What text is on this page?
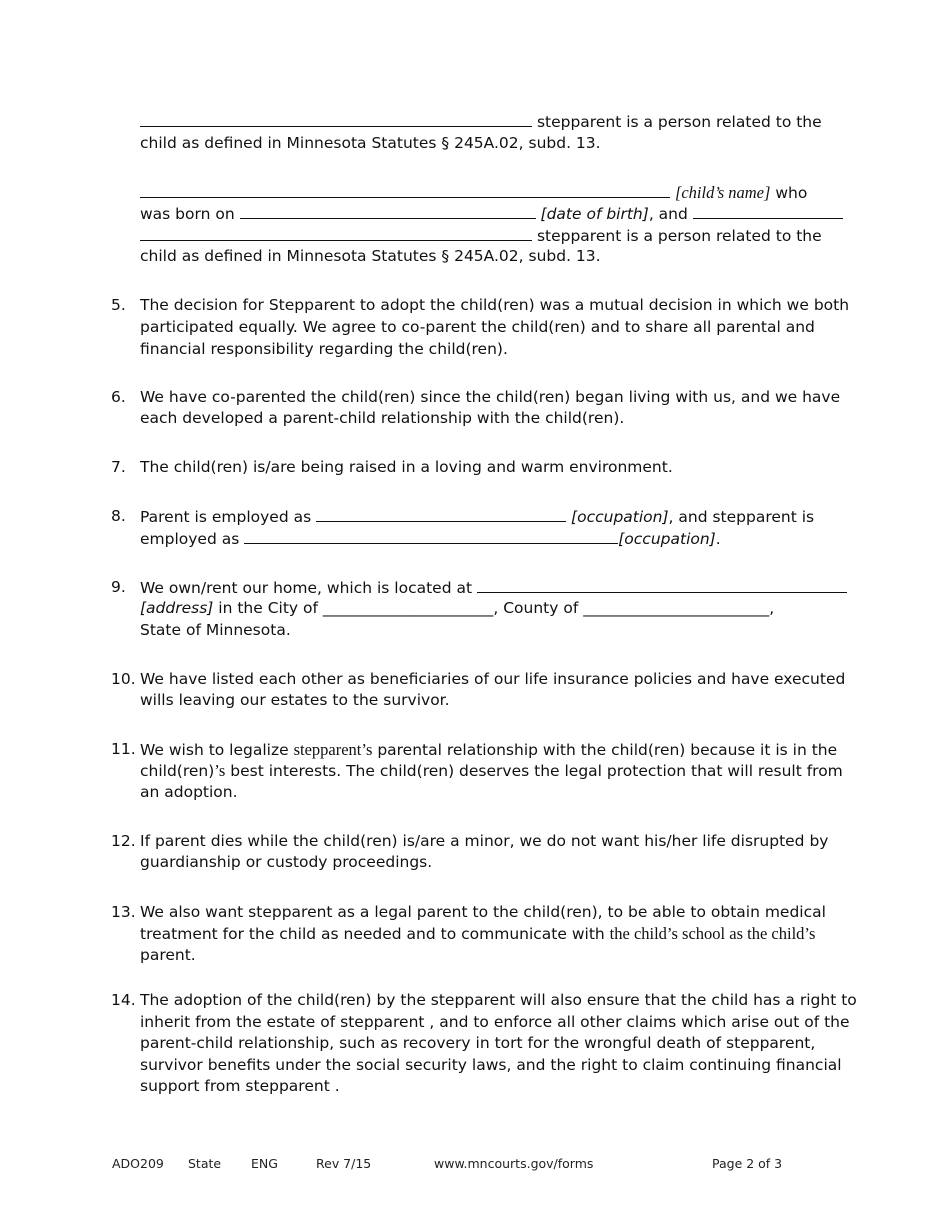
stepparent is a person related to the
child as defined in Minnesota Statutes § 245A.02, subd. 13.
[child’s name] who
was born on	[date of birth], and
stepparent is a person related to the
child as defined in Minnesota Statutes § 245A.02, subd. 13.
5. The decision for Stepparent to adopt the child(ren) was a mutual decision in which we both
participated equally. We agree to co-parent the child(ren) and to share all parental and
financial responsibility regarding the child(ren).
6. We have co-parented the child(ren) since the child(ren) began living with us, and we have
each developed a parent-child relationship with the child(ren).
7. The child(ren) is/are being raised in a loving and warm environment.
8. Parent is employed as	[occupation], and stepparent is
employed as	[occupation].
9. We own/rent our home, which is located at
[address] in the City of ______________________, County of ________________________,
State of Minnesota.
10. We have listed each other as beneficiaries of our life insurance policies and have executed
wills leaving our estates to the survivor.
11. We wish to legalize stepparent’s parental relationship with the child(ren) because it is in the
child(ren)’s best interests. The child(ren) deserves the legal protection that will result from
an adoption.
12. If parent dies while the child(ren) is/are a minor, we do not want his/her life disrupted by
guardianship or custody proceedings.
13. We also want stepparent as a legal parent to the child(ren), to be able to obtain medical
treatment for the child as needed and to communicate with the child’s school as the child’s
parent.
14. The adoption of the child(ren) by the stepparent will also ensure that the child has a right to
inherit from the estate of stepparent , and to enforce all other claims which arise out of the
parent-child relationship, such as recovery in tort for the wrongful death of stepparent,
survivor benefits under the social security laws, and the right to claim continuing financial
support from stepparent .
ADO209 State ENG	Rev 7/15	www.mncourts.gov/forms	Page 2 of 3
